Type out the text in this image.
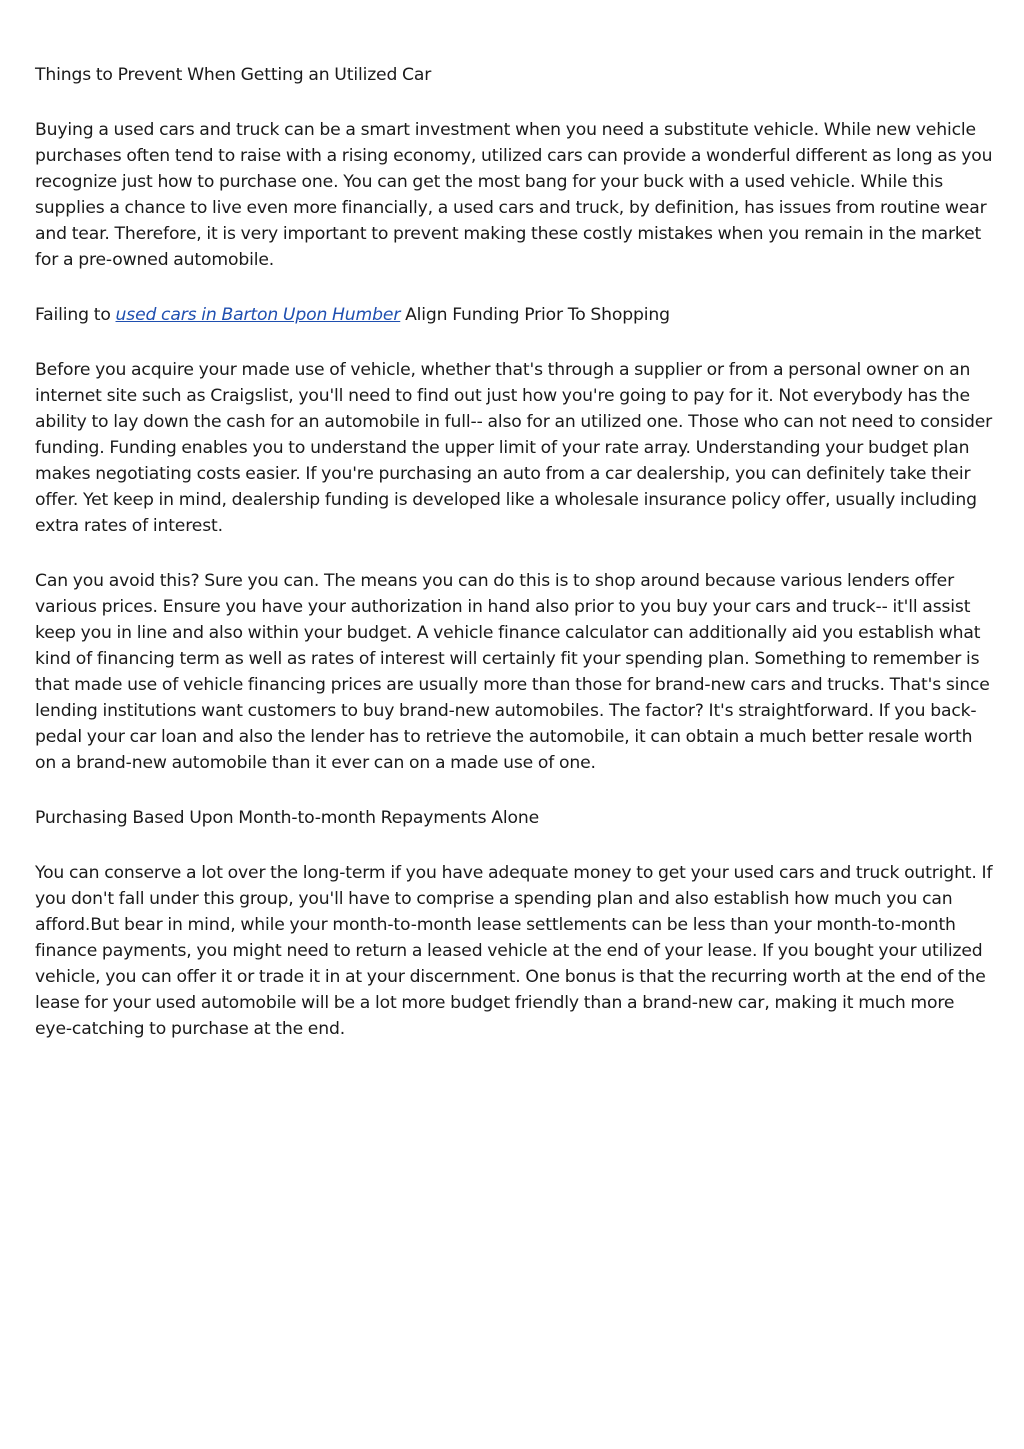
Things to Prevent When Getting an Utilized Car

Buying a used cars and truck can be a smart investment when you need a substitute vehicle. While new vehicle purchases often tend to raise with a rising economy, utilized cars can provide a wonderful different as long as you recognize just how to purchase one. You can get the most bang for your buck with a used vehicle. While this supplies a chance to live even more financially, a used cars and truck, by definition, has issues from routine wear and tear. Therefore, it is very important to prevent making these costly mistakes when you remain in the market for a pre-owned automobile.

Failing to used cars in Barton Upon Humber Align Funding Prior To Shopping

Before you acquire your made use of vehicle, whether that's through a supplier or from a personal owner on an internet site such as Craigslist, you'll need to find out just how you're going to pay for it. Not everybody has the ability to lay down the cash for an automobile in full-- also for an utilized one. Those who can not need to consider funding. Funding enables you to understand the upper limit of your rate array. Understanding your budget plan makes negotiating costs easier. If you're purchasing an auto from a car dealership, you can definitely take their offer. Yet keep in mind, dealership funding is developed like a wholesale insurance policy offer, usually including extra rates of interest.

Can you avoid this? Sure you can. The means you can do this is to shop around because various lenders offer various prices. Ensure you have your authorization in hand also prior to you buy your cars and truck-- it'll assist keep you in line and also within your budget. A vehicle finance calculator can additionally aid you establish what kind of financing term as well as rates of interest will certainly fit your spending plan. Something to remember is that made use of vehicle financing prices are usually more than those for brand-new cars and trucks. That's since lending institutions want customers to buy brand-new automobiles. The factor? It's straightforward. If you back-pedal your car loan and also the lender has to retrieve the automobile, it can obtain a much better resale worth on a brand-new automobile than it ever can on a made use of one.

Purchasing Based Upon Month-to-month Repayments Alone

You can conserve a lot over the long-term if you have adequate money to get your used cars and truck outright. If you don't fall under this group, you'll have to comprise a spending plan and also establish how much you can afford.But bear in mind, while your month-to-month lease settlements can be less than your month-to-month finance payments, you might need to return a leased vehicle at the end of your lease. If you bought your utilized vehicle, you can offer it or trade it in at your discernment. One bonus is that the recurring worth at the end of the lease for your used automobile will be a lot more budget friendly than a brand-new car, making it much more eye-catching to purchase at the end.
